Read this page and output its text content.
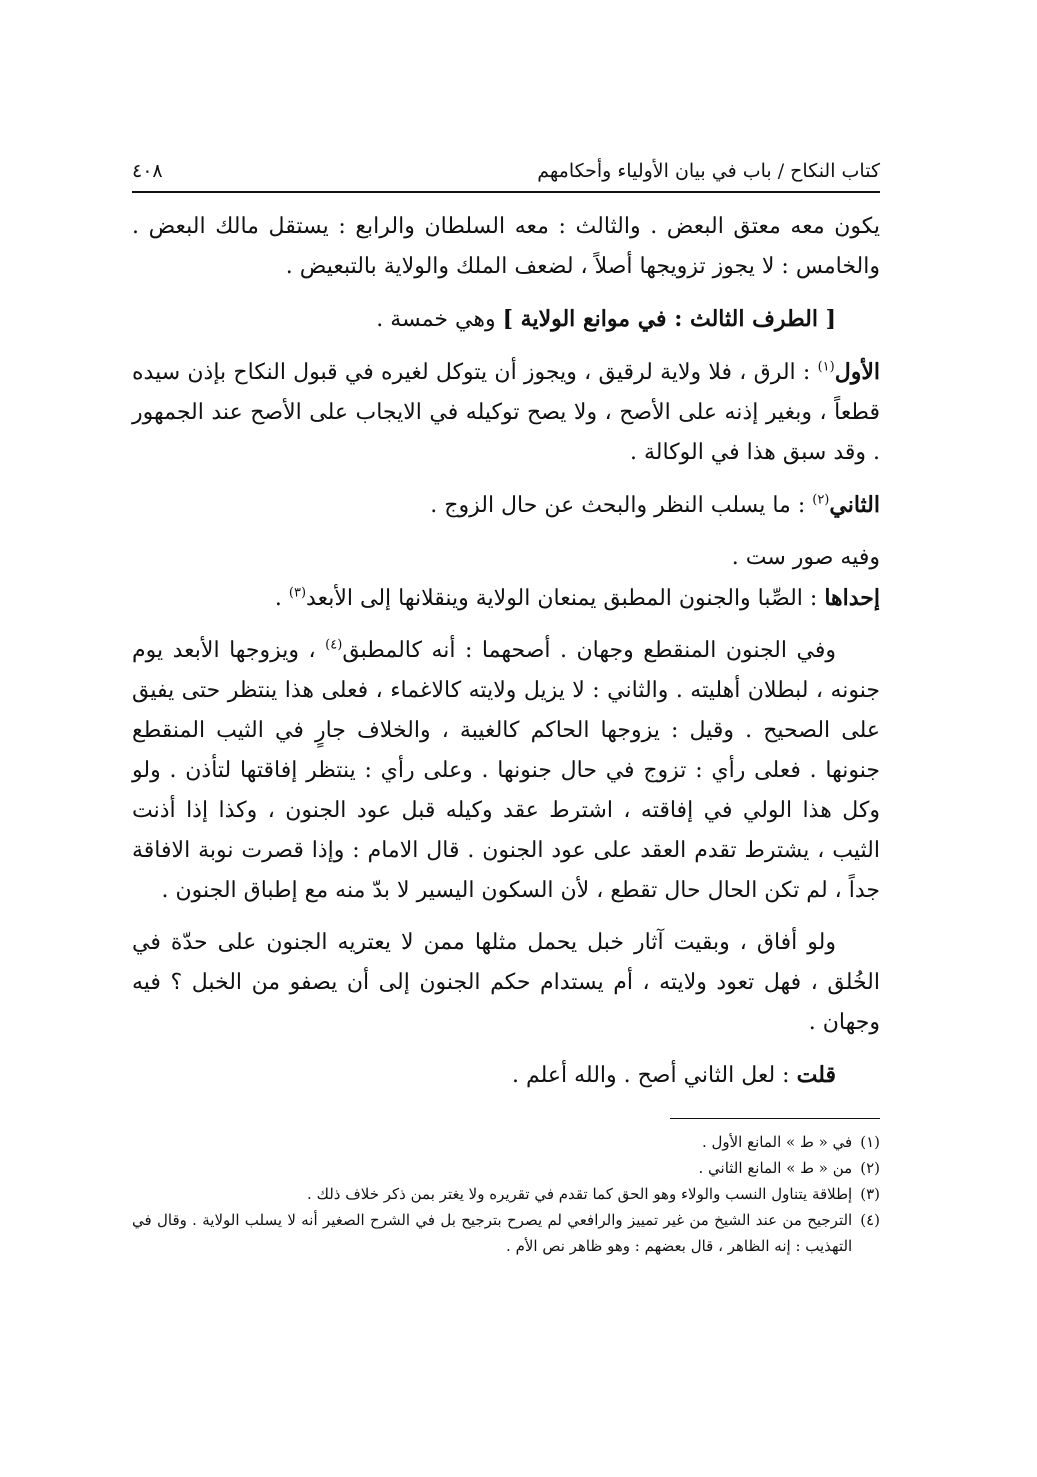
كتاب النكاح / باب في بيان الأولياء وأحكامهم
٤٠٨

يكون معه معتق البعض . والثالث : معه السلطان والرابع : يستقل مالك البعض . والخامس : لا يجوز تزويجها أصلاً ، لضعف الملك والولاية بالتبعيض .

[ الطرف الثالث : في موانع الولاية ] وهي خمسة .

الأول$^{(١)}$ : الرق ، فلا ولاية لرقيق ، ويجوز أن يتوكل لغيره في قبول النكاح بإذن سيده قطعاً ، وبغير إذنه على الأصح ، ولا يصح توكيله في الايجاب على الأصح عند الجمهور . وقد سبق هذا في الوكالة .

الثاني$^{(٢)}$ : ما يسلب النظر والبحث عن حال الزوج .

وفيه صور ست .

إحداها : الصِّبا والجنون المطبق يمنعان الولاية وينقلانها إلى الأبعد$^{(٣)}$ .

وفي الجنون المنقطع وجهان . أصحهما : أنه كالمطبق$^{(٤)}$ ، ويزوجها الأبعد يوم جنونه ، لبطلان أهليته . والثاني : لا يزيل ولايته كالاغماء ، فعلى هذا ينتظر حتى يفيق على الصحيح . وقيل : يزوجها الحاكم كالغيبة ، والخلاف جارٍ في الثيب المنقطع جنونها . فعلى رأي : تزوج في حال جنونها . وعلى رأي : ينتظر إفاقتها لتأذن . ولو وكل هذا الولي في إفاقته ، اشترط عقد وكيله قبل عود الجنون ، وكذا إذا أذنت الثيب ، يشترط تقدم العقد على عود الجنون . قال الامام : وإذا قصرت نوبة الافاقة جداً ، لم تكن الحال حال تقطع ، لأن السكون اليسير لا بدّ منه مع إطباق الجنون .

ولو أفاق ، وبقيت آثار خبل يحمل مثلها ممن لا يعتريه الجنون على حدّة في الخُلق ، فهل تعود ولايته ، أم يستدام حكم الجنون إلى أن يصفو من الخبل ؟ فيه وجهان .

قلت : لعل الثاني أصح . والله أعلم .

(١)
في « ط » المانع الأول .

(٢)
من « ط » المانع الثاني .

(٣)
إطلاقة يتناول النسب والولاء وهو الحق كما تقدم في تقريره ولا يغتر بمن ذكر خلاف ذلك .

(٤)
الترجيح من عند الشيخ من غير تمييز والرافعي لم يصرح بترجيح بل في الشرح الصغير أنه لا يسلب الولاية . وقال في التهذيب : إنه الظاهر ، قال بعضهم : وهو ظاهر نص الأم .
